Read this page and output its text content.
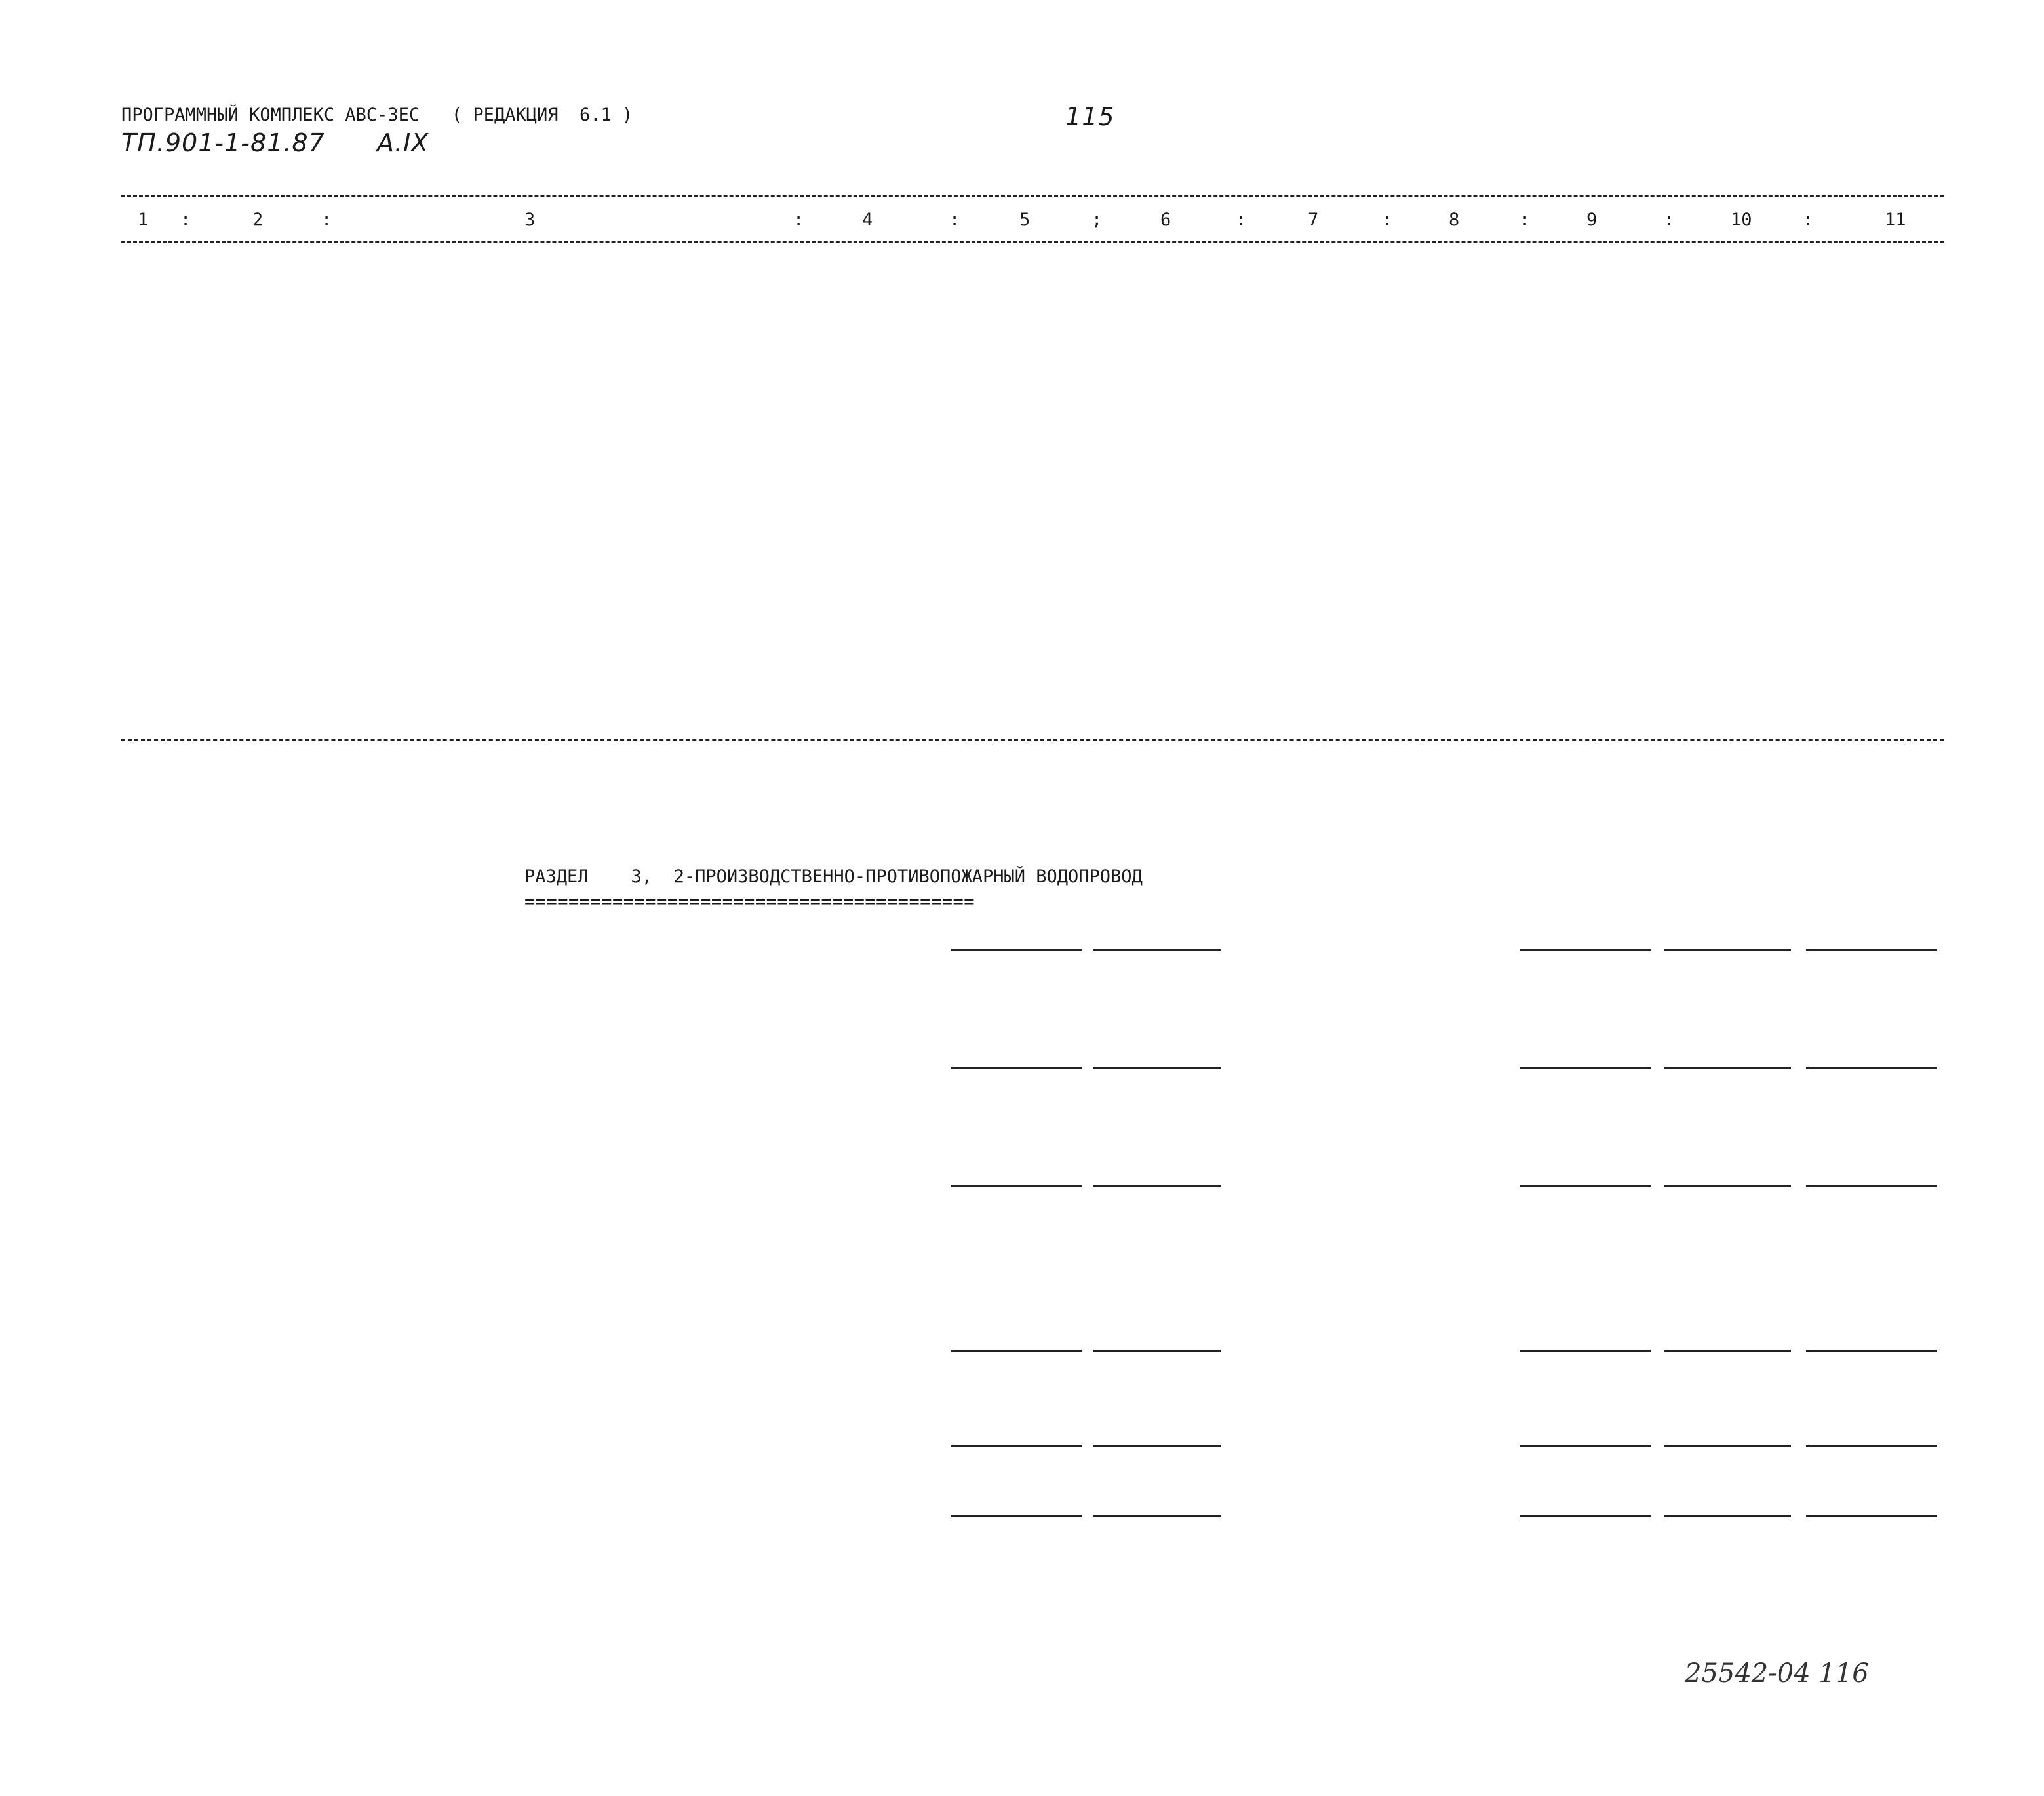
ПРОГРАММНЫЙ КОМПЛЕКС АВС-ЗЕС   ( РЕДАКЦИЯ  6.1 )	115
ТП.901-1-81.87 А.IX
1 :	2	:	3	:	4	:	5	;	6	:	7	:	8	:	9	:	10	:	11
РАЗДЕЛ    3,  2-ПРОИЗВОДСТВЕННО-ПРОТИВОПОЖАРНЫЙ ВОДОПРОВОД
=========================================
25542-04 116
